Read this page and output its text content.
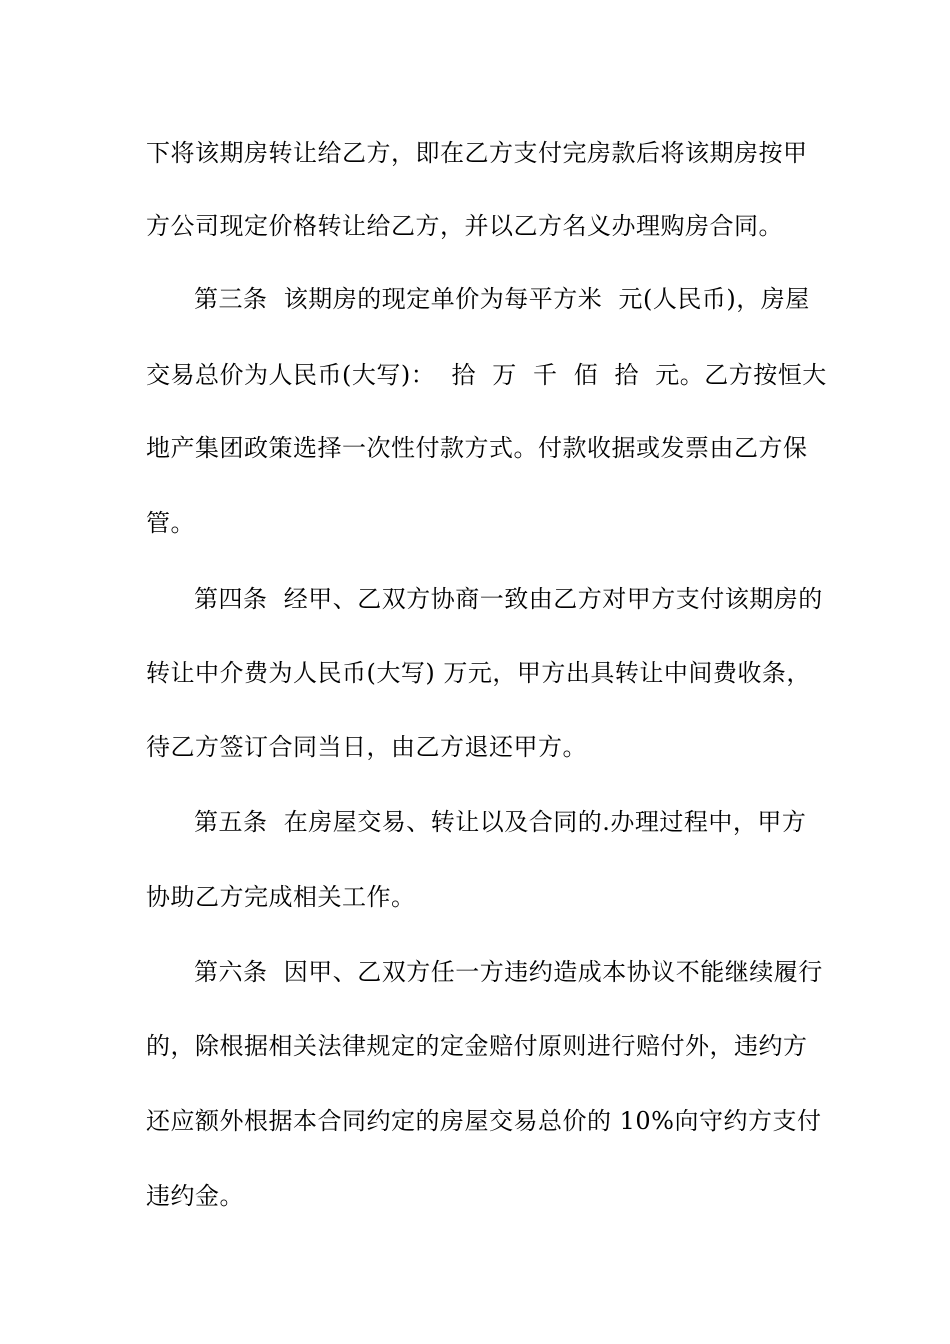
下将该期房转让给乙方，即在乙方支付完房款后将该期房按甲
方公司现定价格转让给乙方，并以乙方名义办理购房合同。
第三条  该期房的现定单价为每平方米  元(人民币)，房屋
交易总价为人民币(大写)：  拾  万  千  佰  拾  元。乙方按恒大
地产集团政策选择一次性付款方式。付款收据或发票由乙方保
管。
第四条  经甲、乙双方协商一致由乙方对甲方支付该期房的
转让中介费为人民币(大写) 万元，甲方出具转让中间费收条，
待乙方签订合同当日，由乙方退还甲方。
第五条  在房屋交易、转让以及合同的.办理过程中，甲方
协助乙方完成相关工作。
第六条  因甲、乙双方任一方违约造成本协议不能继续履行
的，除根据相关法律规定的定金赔付原则进行赔付外，违约方
还应额外根据本合同约定的房屋交易总价的 10%向守约方支付
违约金。
